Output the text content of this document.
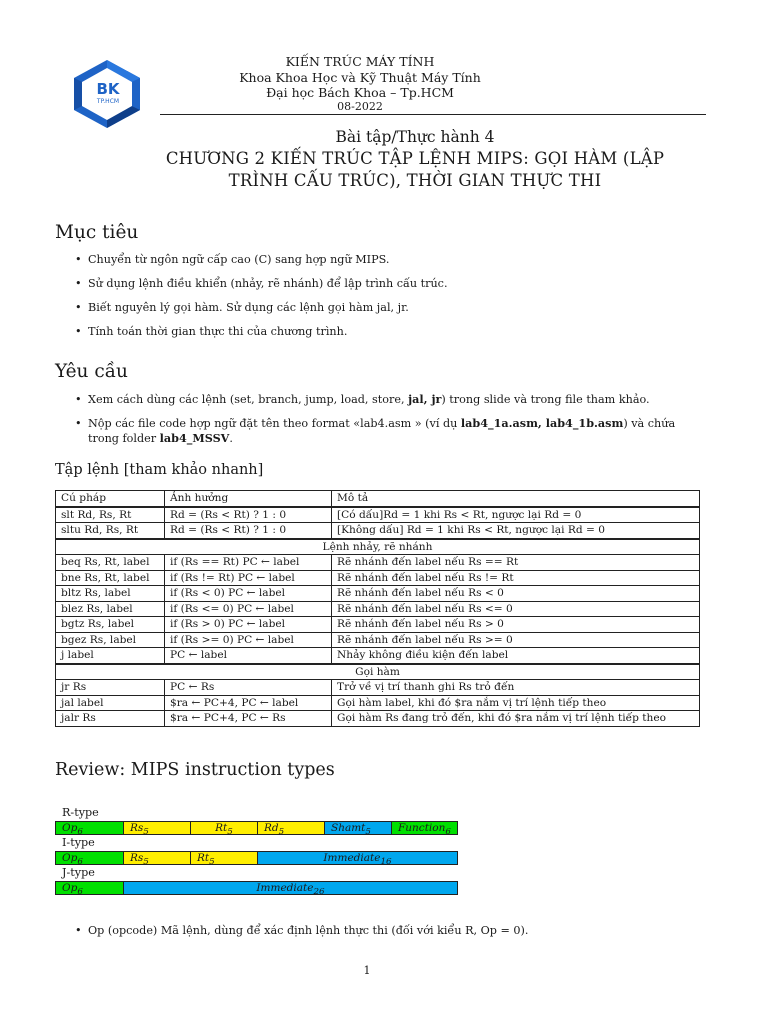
BK
TP.HCM
KIẾN TRÚC MÁY TÍNH
Khoa Khoa Học và Kỹ Thuật Máy Tính
Đại học Bách Khoa – Tp.HCM
08-2022
Bài tập/Thực hành 4
CHƯƠNG 2 KIẾN TRÚC TẬP LỆNH MIPS: GỌI HÀM (LẬP
TRÌNH CẤU TRÚC), THỜI GIAN THỰC THI
Mục tiêu
• Chuyển từ ngôn ngữ cấp cao (C) sang hợp ngữ MIPS.
• Sử dụng lệnh điều khiển (nhảy, rẽ nhánh) để lập trình cấu trúc.
• Biết nguyên lý gọi hàm. Sử dụng các lệnh gọi hàm jal, jr.
• Tính toán thời gian thực thi của chương trình.
Yêu cầu
• Xem cách dùng các lệnh (set, branch, jump, load, store, jal, jr) trong slide và trong file tham khảo.
• Nộp các file code hợp ngữ đặt tên theo format «lab4.asm » (ví dụ lab4_1a.asm, lab4_1b.asm) và chứa trong folder lab4_MSSV.
Tập lệnh [tham khảo nhanh]
Cú pháp	Ảnh hưởng	Mô tả
slt Rd, Rs, Rt	Rd = (Rs < Rt) ? 1 : 0	[Có dấu]Rd = 1 khi Rs < Rt, ngược lại Rd = 0
sltu Rd, Rs, Rt	Rd = (Rs < Rt) ? 1 : 0	[Không dấu] Rd = 1 khi Rs < Rt, ngược lại Rd = 0
Lệnh nhảy, rẽ nhánh		
beq Rs, Rt, label	if (Rs == Rt) PC ← label	Rẽ nhánh đến label nếu Rs == Rt
bne Rs, Rt, label	if (Rs != Rt) PC ← label	Rẽ nhánh đến label nếu Rs != Rt
bltz Rs, label	if (Rs < 0) PC ← label	Rẽ nhánh đến label nếu Rs < 0
blez Rs, label	if (Rs <= 0) PC ← label	Rẽ nhánh đến label nếu Rs <= 0
bgtz Rs, label	if (Rs > 0) PC ← label	Rẽ nhánh đến label nếu Rs > 0
bgez Rs, label	if (Rs >= 0) PC ← label	Rẽ nhánh đến label nếu Rs >= 0
j label	PC ← label	Nhảy không điều kiện đến label
Gọi hàm		
jr Rs	PC ← Rs	Trở về vị trí thanh ghi Rs trỏ đến
jal label	$ra ← PC+4, PC ← label	Gọi hàm label, khi đó $ra nắm vị trí lệnh tiếp theo
jalr Rs	$ra ← PC+4, PC ← Rs	Gọi hàm Rs đang trỏ đến, khi đó $ra nắm vị trí lệnh tiếp theo
Review: MIPS instruction types
R-type
$Op_6$	$Rs_5$	$Rt_5$	$Rd_5$	Shamt$_5$	Function$_6$
I-type
$Op_6$	$Rs_5$	$Rt_5$	Immediate$_{16}$
J-type
$Op_6$	Immediate$_{26}$
• Op (opcode) Mã lệnh, dùng để xác định lệnh thực thi (đối với kiểu R, Op = 0).
1
